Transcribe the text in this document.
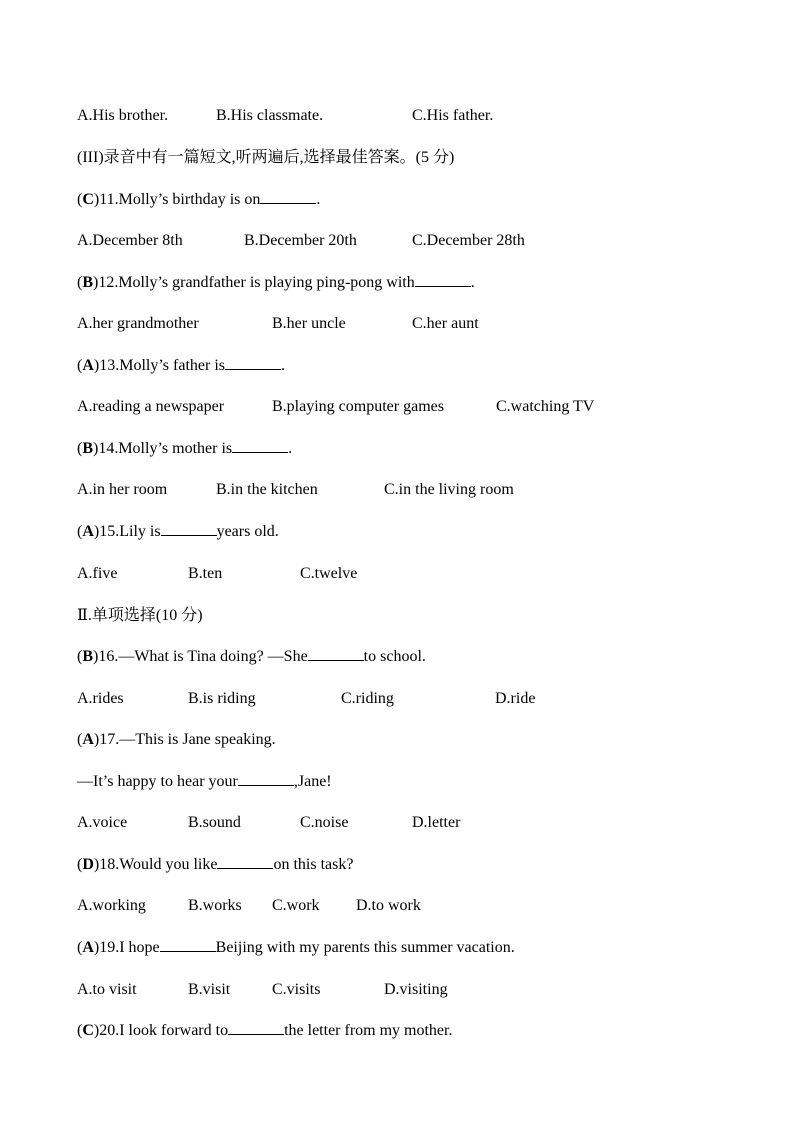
A.His brother.	B.His classmate.	C.His father.
(III)录音中有一篇短文,听两遍后,选择最佳答案。(5 分)
(C)11.Molly’s birthday is on	.
A.December 8th	B.December 20th	C.December 28th
(B)12.Molly’s grandfather is playing ping-pong with	.
A.her grandmother	B.her uncle	C.her aunt
(A)13.Molly’s father is	.
A.reading a newspaper	B.playing computer games	C.watching TV
(B)14.Molly’s mother is	.
A.in her room	B.in the kitchen	C.in the living room
(A)15.Lily is	years old.
A.five	B.ten	C.twelve
Ⅱ.单项选择(10 分)
(B)16.—What is Tina doing? —She	to school.
A.rides	B.is riding	C.riding	D.ride
(A)17.—This is Jane speaking.
—It’s happy to hear your	,Jane!
A.voice	B.sound	C.noise	D.letter
(D)18.Would you like	on this task?
A.working	B.works C.work D.to work
(A)19.I hope	Beijing with my parents this summer vacation.
A.to visit	B.visit	C.visits	D.visiting
(C)20.I look forward to	the letter from my mother.
